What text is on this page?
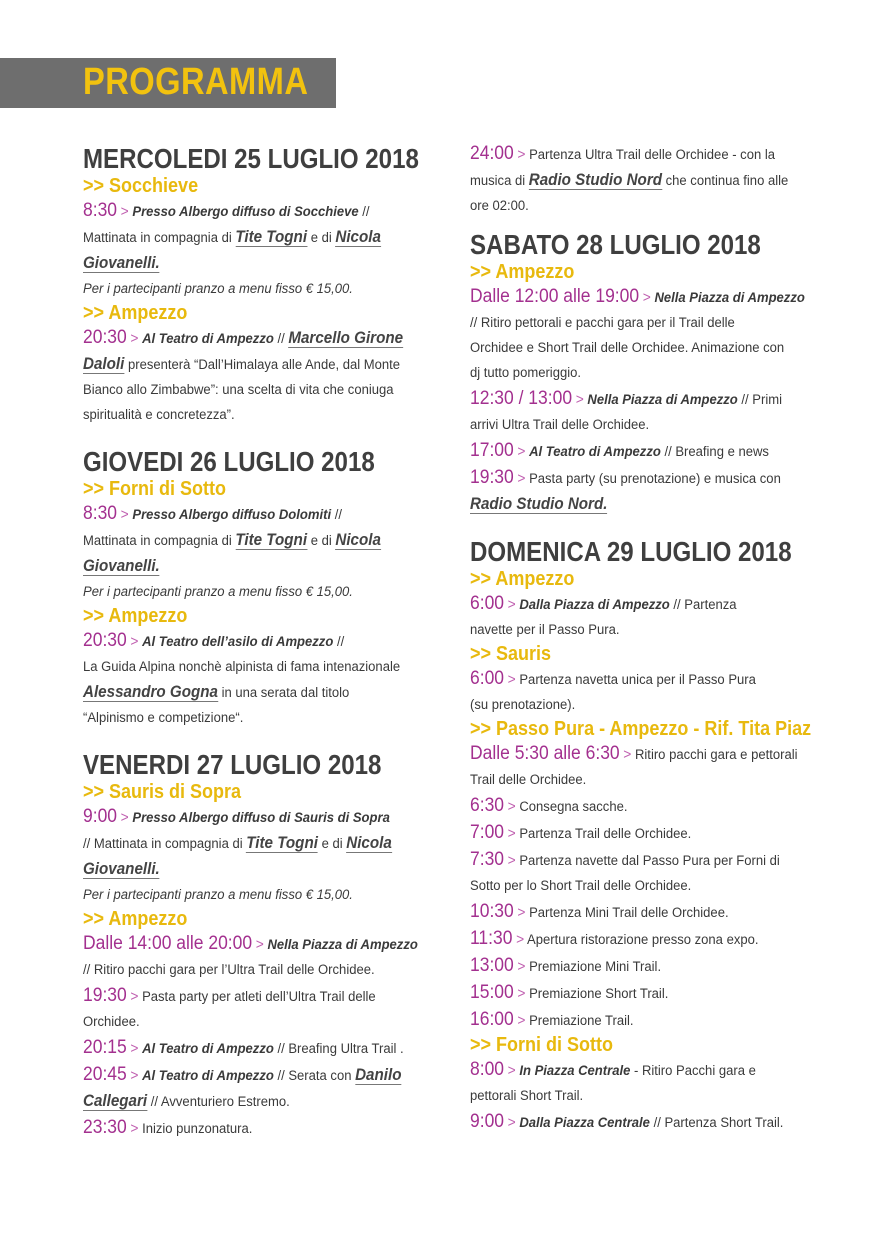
PROGRAMMA
MERCOLEDI 25 LUGLIO 2018
>> Socchieve

8:30 > Presso Albergo diffuso di Socchieve //

Mattinata in compagnia di Tite Togni e di Nicola

Giovanelli.

Per i partecipanti pranzo a menu fisso € 15,00.

>> Ampezzo

20:30 > Al Teatro di Ampezzo // Marcello Girone

Daloli presenterà “Dall’Himalaya alle Ande, dal Monte

Bianco allo Zimbabwe”: una scelta di vita che coniuga

spiritualità e concretezza”.

GIOVEDI 26 LUGLIO 2018
>> Forni di Sotto

8:30 > Presso Albergo diffuso Dolomiti //

Mattinata in compagnia di Tite Togni e di Nicola

Giovanelli.

Per i partecipanti pranzo a menu fisso € 15,00.

>> Ampezzo

20:30 > Al Teatro dell’asilo di Ampezzo //

La Guida Alpina nonchè alpinista di fama intenazionale

Alessandro Gogna in una serata dal titolo

“Alpinismo e competizione“.

VENERDI 27 LUGLIO 2018
>> Sauris di Sopra

9:00 > Presso Albergo diffuso di Sauris di Sopra

// Mattinata in compagnia di Tite Togni e di Nicola

Giovanelli.

Per i partecipanti pranzo a menu fisso € 15,00.

>> Ampezzo

Dalle 14:00 alle 20:00 > Nella Piazza di Ampezzo

// Ritiro pacchi gara per l’Ultra Trail delle Orchidee.

19:30 > Pasta party per atleti dell’Ultra Trail delle

Orchidee.

20:15 > Al Teatro di Ampezzo // Breafing Ultra Trail .

20:45 > Al Teatro di Ampezzo // Serata con Danilo

Callegari // Avventuriero Estremo.

23:30 > Inizio punzonatura.

24:00 > Partenza Ultra Trail delle Orchidee - con la

musica di Radio Studio Nord che continua fino alle

ore 02:00.

SABATO 28 LUGLIO 2018
>> Ampezzo

Dalle 12:00 alle 19:00 > Nella Piazza di Ampezzo

// Ritiro pettorali e pacchi gara per il Trail delle

Orchidee e Short Trail delle Orchidee. Animazione con

dj tutto pomeriggio.

12:30 / 13:00 > Nella Piazza di Ampezzo // Primi

arrivi Ultra Trail delle Orchidee.

17:00 > Al Teatro di Ampezzo // Breafing e news

19:30 > Pasta party (su prenotazione) e musica con

Radio Studio Nord.

DOMENICA 29 LUGLIO 2018
>> Ampezzo

6:00 > Dalla Piazza di Ampezzo // Partenza

navette per il Passo Pura.

>> Sauris

6:00 > Partenza navetta unica per il Passo Pura

(su prenotazione).

>> Passo Pura - Ampezzo - Rif. Tita Piaz

Dalle 5:30 alle 6:30 > Ritiro pacchi gara e pettorali

Trail delle Orchidee.

6:30 > Consegna sacche.

7:00 > Partenza Trail delle Orchidee.

7:30 > Partenza navette dal Passo Pura per Forni di

Sotto per lo Short Trail delle Orchidee.

10:30 > Partenza Mini Trail delle Orchidee.

11:30 > Apertura ristorazione presso zona expo.

13:00 > Premiazione Mini Trail.

15:00 > Premiazione Short Trail.

16:00 > Premiazione Trail.

>> Forni di Sotto

8:00 > In Piazza Centrale - Ritiro Pacchi gara e

pettorali Short Trail.

9:00 > Dalla Piazza Centrale // Partenza Short Trail.
